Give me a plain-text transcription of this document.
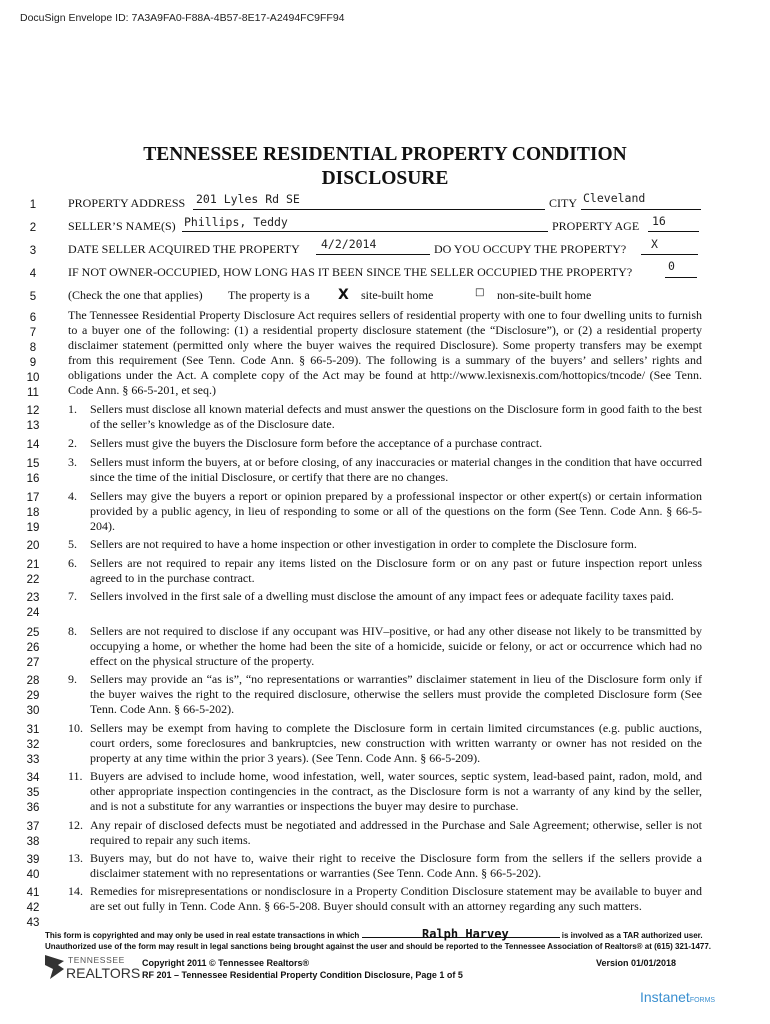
DocuSign Envelope ID: 7A3A9FA0-F88A-4B57-8E17-A2494FC9FF94
TENNESSEE RESIDENTIAL PROPERTY CONDITION
DISCLOSURE
1
2
3
4
5
6
7
8
9
10
11
12
13
14
15
16
17
18
19
20
21
22
23
24
25
26
27
28
29
30
31
32
33
34
35
36
37
38
39
40
41
42
43
PROPERTY ADDRESS 201 Lyles Rd SE	CITY Cleveland
SELLER’S NAME(S) Phillips, Teddy	PROPERTY AGE 16
DATE SELLER ACQUIRED THE PROPERTY 4/2/2014	DO YOU OCCUPY THE PROPERTY? X
IF NOT OWNER-OCCUPIED, HOW LONG HAS IT BEEN SINCE THE SELLER OCCUPIED THE PROPERTY?	0
(Check the one that applies) The property is a X site-built home	□ non-site-built home
The Tennessee Residential Property Disclosure Act requires sellers of residential property with one to four dwelling units to furnish to a buyer one of the following: (1) a residential property disclosure statement (the “Disclosure”), or (2) a residential property disclaimer statement (permitted only where the buyer waives the required Disclosure). Some property transfers may be exempt from this requirement (See Tenn. Code Ann. § 66-5-209). The following is a summary of the buyers’ and sellers’ rights and obligations under the Act. A complete copy of the Act may be found at http://www.lexisnexis.com/hottopics/tncode/ (See Tenn. Code Ann. § 66-5-201, et seq.)
1.	Sellers must disclose all known material defects and must answer the questions on the Disclosure form in good faith to the best of the seller’s knowledge as of the Disclosure date.
2.	Sellers must give the buyers the Disclosure form before the acceptance of a purchase contract.
3.	Sellers must inform the buyers, at or before closing, of any inaccuracies or material changes in the condition that have occurred since the time of the initial Disclosure, or certify that there are no changes.
4.	Sellers may give the buyers a report or opinion prepared by a professional inspector or other expert(s) or certain information provided by a public agency, in lieu of responding to some or all of the questions on the form (See Tenn. Code Ann. § 66-5-204).
5.	Sellers are not required to have a home inspection or other investigation in order to complete the Disclosure form.
6.	Sellers are not required to repair any items listed on the Disclosure form or on any past or future inspection report unless agreed to in the purchase contract.
7.	Sellers involved in the first sale of a dwelling must disclose the amount of any impact fees or adequate facility taxes paid.
8.	Sellers are not required to disclose if any occupant was HIV–positive, or had any other disease not likely to be transmitted by occupying a home, or whether the home had been the site of a homicide, suicide or felony, or act or occurrence which had no effect on the physical structure of the property.
9.	Sellers may provide an “as is”, “no representations or warranties” disclaimer statement in lieu of the Disclosure form only if the buyer waives the right to the required disclosure, otherwise the sellers must provide the completed Disclosure form (See Tenn. Code Ann. § 66-5-202).
10. Sellers may be exempt from having to complete the Disclosure form in certain limited circumstances (e.g. public auctions, court orders, some foreclosures and bankruptcies, new construction with written warranty or owner has not resided on the property at any time within the prior 3 years). (See Tenn. Code Ann. § 66-5-209).
11. Buyers are advised to include home, wood infestation, well, water sources, septic system, lead-based paint, radon, mold, and other appropriate inspection contingencies in the contract, as the Disclosure form is not a warranty of any kind by the seller, and is not a substitute for any warranties or inspections the buyer may desire to purchase.
12. Any repair of disclosed defects must be negotiated and addressed in the Purchase and Sale Agreement; otherwise, seller is not required to repair any such items.
13. Buyers may, but do not have to, waive their right to receive the Disclosure form from the sellers if the sellers provide a disclaimer statement with no representations or warranties (See Tenn. Code Ann. § 66-5-202).
14. Remedies for misrepresentations or nondisclosure in a Property Condition Disclosure statement may be available to buyer and are set out fully in Tenn. Code Ann. § 66-5-208. Buyer should consult with an attorney regarding any such matters.
This form is copyrighted and may only be used in real estate transactions in which	is involved as a TAR authorized user.
Ralph Harvey
Unauthorized use of the form may result in legal sanctions being brought against the user and should be reported to the Tennessee Association of Realtors® at (615) 321-1477.
TENNESSEE
REALTORS
Copyright 2011 © Tennessee Realtors®
RF 201 – Tennessee Residential Property Condition Disclosure, Page 1 of 5
Version 01/01/2018
InstanetFORMS
